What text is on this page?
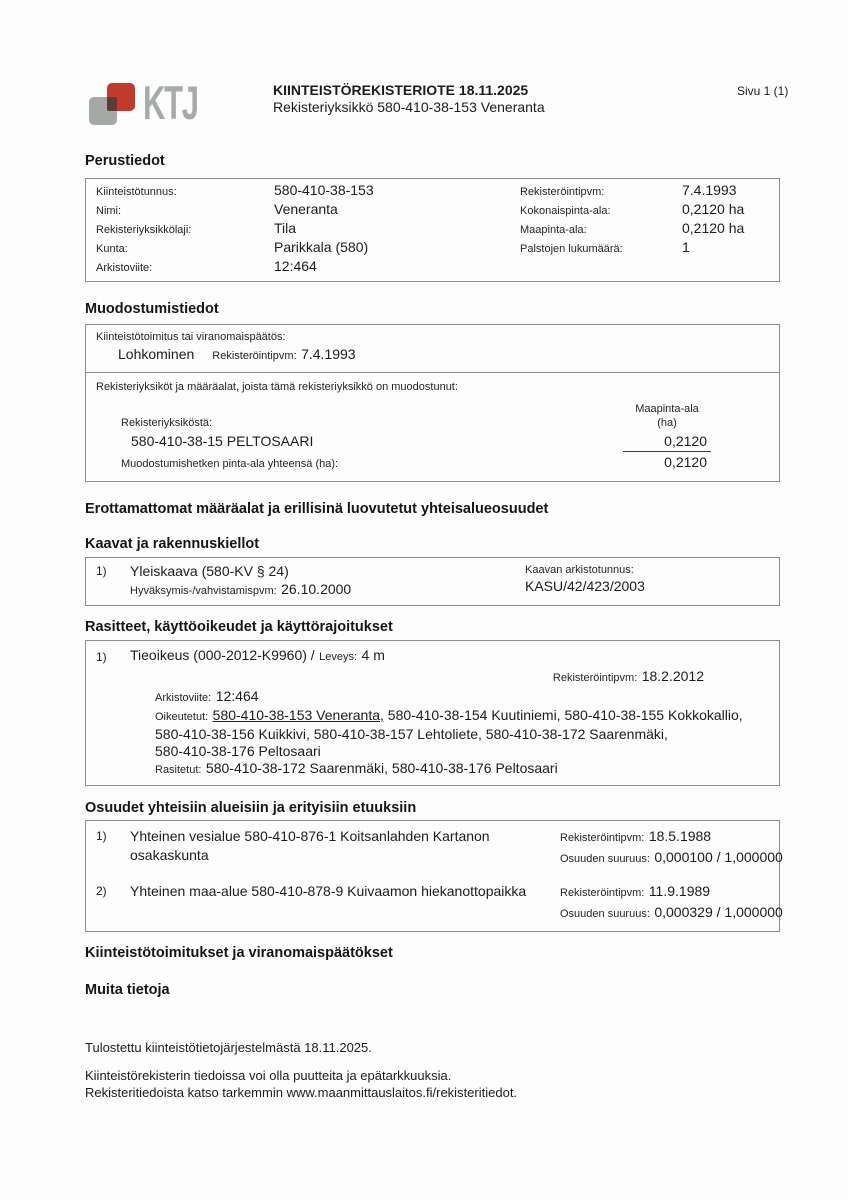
KTJ	KIINTEISTÖREKISTERIOTE 18.11.2025
Rekisteriyksikkö 580-410-38-153 Veneranta
Sivu 1 (1)
Perustiedot
Kiinteistötunnus:	580-410-38-153	Rekisteröintipvm:	7.4.1993
Nimi:	Veneranta	Kokonaispinta-ala:	0,2120 ha
Rekisteriyksikkölaji:	Tila	Maapinta-ala:	0,2120 ha
Kunta:	Parikkala (580)	Palstojen lukumäärä:	1
Arkistoviite:	12:464
Muodostumistiedot
Kiinteistötoimitus tai viranomaispäätös:
Lohkominen Rekisteröintipvm: 7.4.1993
Rekisteriyksiköt ja määräalat, joista tämä rekisteriyksikkö on muodostunut:
Maapinta-ala
Rekisteriyksiköstä:	(ha)
580-410-38-15 PELTOSAARI	0,2120
Muodostumishetken pinta-ala yhteensä (ha):	0,2120
Erottamattomat määräalat ja erillisinä luovutetut yhteisalueosuudet
Kaavat ja rakennuskiellot
1)	Yleiskaava (580-KV § 24)
Hyväksymis-/vahvistamispvm: 26.10.2000
Kaavan arkistotunnus:
KASU/42/423/2003
Rasitteet, käyttöoikeudet ja käyttörajoitukset
1)	Tieoikeus (000-2012-K9960) / Leveys: 4 m
Rekisteröintipvm: 18.2.2012
Arkistoviite: 12:464
Oikeutetut: 580-410-38-153 Veneranta, 580-410-38-154 Kuutiniemi, 580-410-38-155 Kokkokallio,
580-410-38-156 Kuikkivi, 580-410-38-157 Lehtoliete, 580-410-38-172 Saarenmäki,
580-410-38-176 Peltosaari
Rasitetut: 580-410-38-172 Saarenmäki, 580-410-38-176 Peltosaari
Osuudet yhteisiin alueisiin ja erityisiin etuuksiin
1)	Yhteinen vesialue 580-410-876-1 Koitsanlahden Kartanon osakaskunta
Rekisteröintipvm: 18.5.1988
Osuuden suuruus: 0,000100 / 1,000000
2)	Yhteinen maa-alue 580-410-878-9 Kuivaamon hiekanottopaikka	Rekisteröintipvm: 11.9.1989
Osuuden suuruus: 0,000329 / 1,000000
Kiinteistötoimitukset ja viranomaispäätökset
Muita tietoja
Tulostettu kiinteistötietojärjestelmästä 18.11.2025.
Kiinteistörekisterin tiedoissa voi olla puutteita ja epätarkkuuksia.
Rekisteritiedoista katso tarkemmin www.maanmittauslaitos.fi/rekisteritiedot.
